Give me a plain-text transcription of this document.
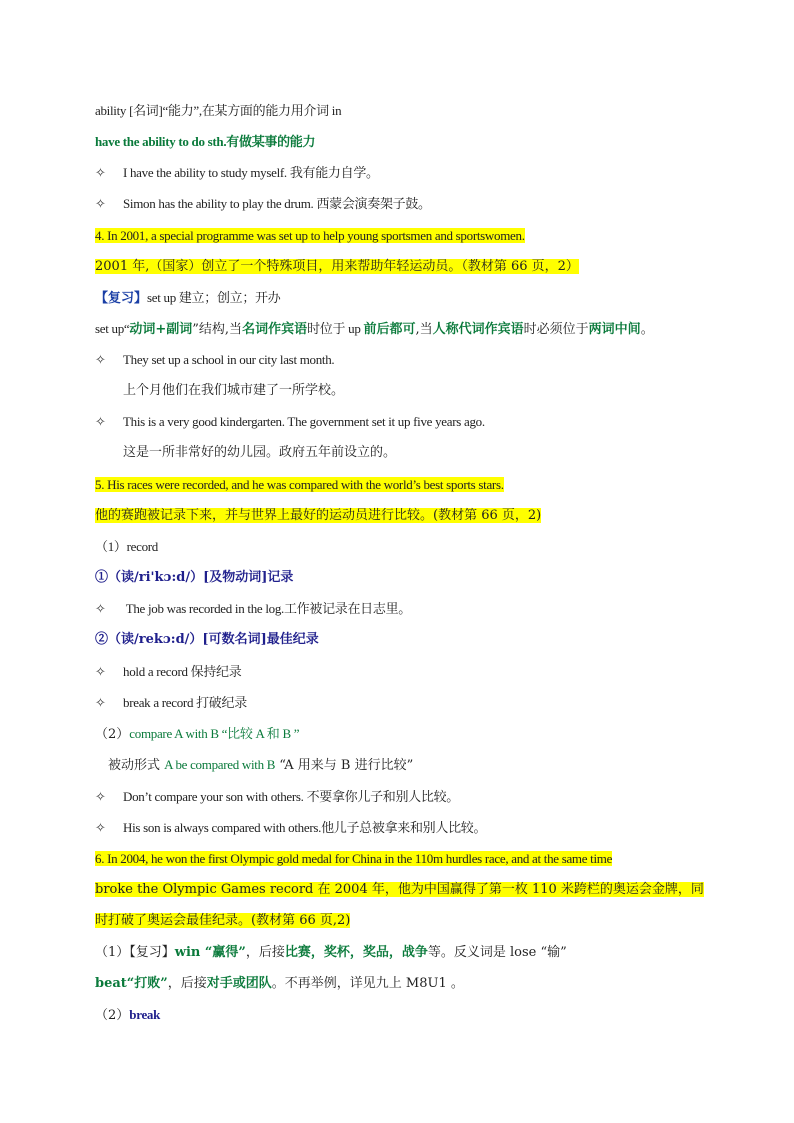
ability [名词]“能力”,在某方面的能力用介词 in
have the ability to do sth.有做某事的能力
✧ I have the ability to study myself. 我有能力自学。
✧ Simon has the ability to play the drum. 西蒙会演奏架子鼓。
4. In 2001, a special programme was set up to help young sportsmen and sportswomen.
2001 年,（国家）创立了一个特殊项目，用来帮助年轻运动员。（教材第 66 页，2）
【复习】set up 建立；创立；开办
set up“动词+副词”结构,当名词作宾语时位于 up 前后都可,当人称代词作宾语时必须位于两词中间。
✧ They set up a school in our city last month.
上个月他们在我们城市建了一所学校。
✧ This is a very good kindergarten. The government set it up five years ago.
这是一所非常好的幼儿园。政府五年前设立的。
5. His races were recorded, and he was compared with the world’s best sports stars.
他的赛跑被记录下来，并与世界上最好的运动员进行比较。(教材第 66 页，2)
（1）record
①（读/ri'kɔ:d/）[及物动词]记录
✧ The job was recorded in the log.工作被记录在日志里。
②（读/rekɔ:d/）[可数名词]最佳纪录
✧ hold a record 保持纪录
✧ break a record 打破纪录
（2）compare A with B “比较 A 和 B ”
被动形式 A be compared with B “A 用来与 B 进行比较”
✧ Don’t compare your son with others. 不要拿你儿子和别人比较。
✧ His son is always compared with others.他儿子总被拿来和别人比较。
6. In 2004, he won the first Olympic gold medal for China in the 110m hurdles race, and at the same time
broke the Olympic Games record 在 2004 年，他为中国赢得了第一枚 110 米跨栏的奥运会金牌，同
时打破了奥运会最佳纪录。(教材第 66 页,2)
（1）【复习】win “赢得”，后接比赛，奖杯，奖品，战争等。反义词是 lose “输”
beat“打败”，后接对手或团队。不再举例，详见九上 M8U1 。
（2）break
